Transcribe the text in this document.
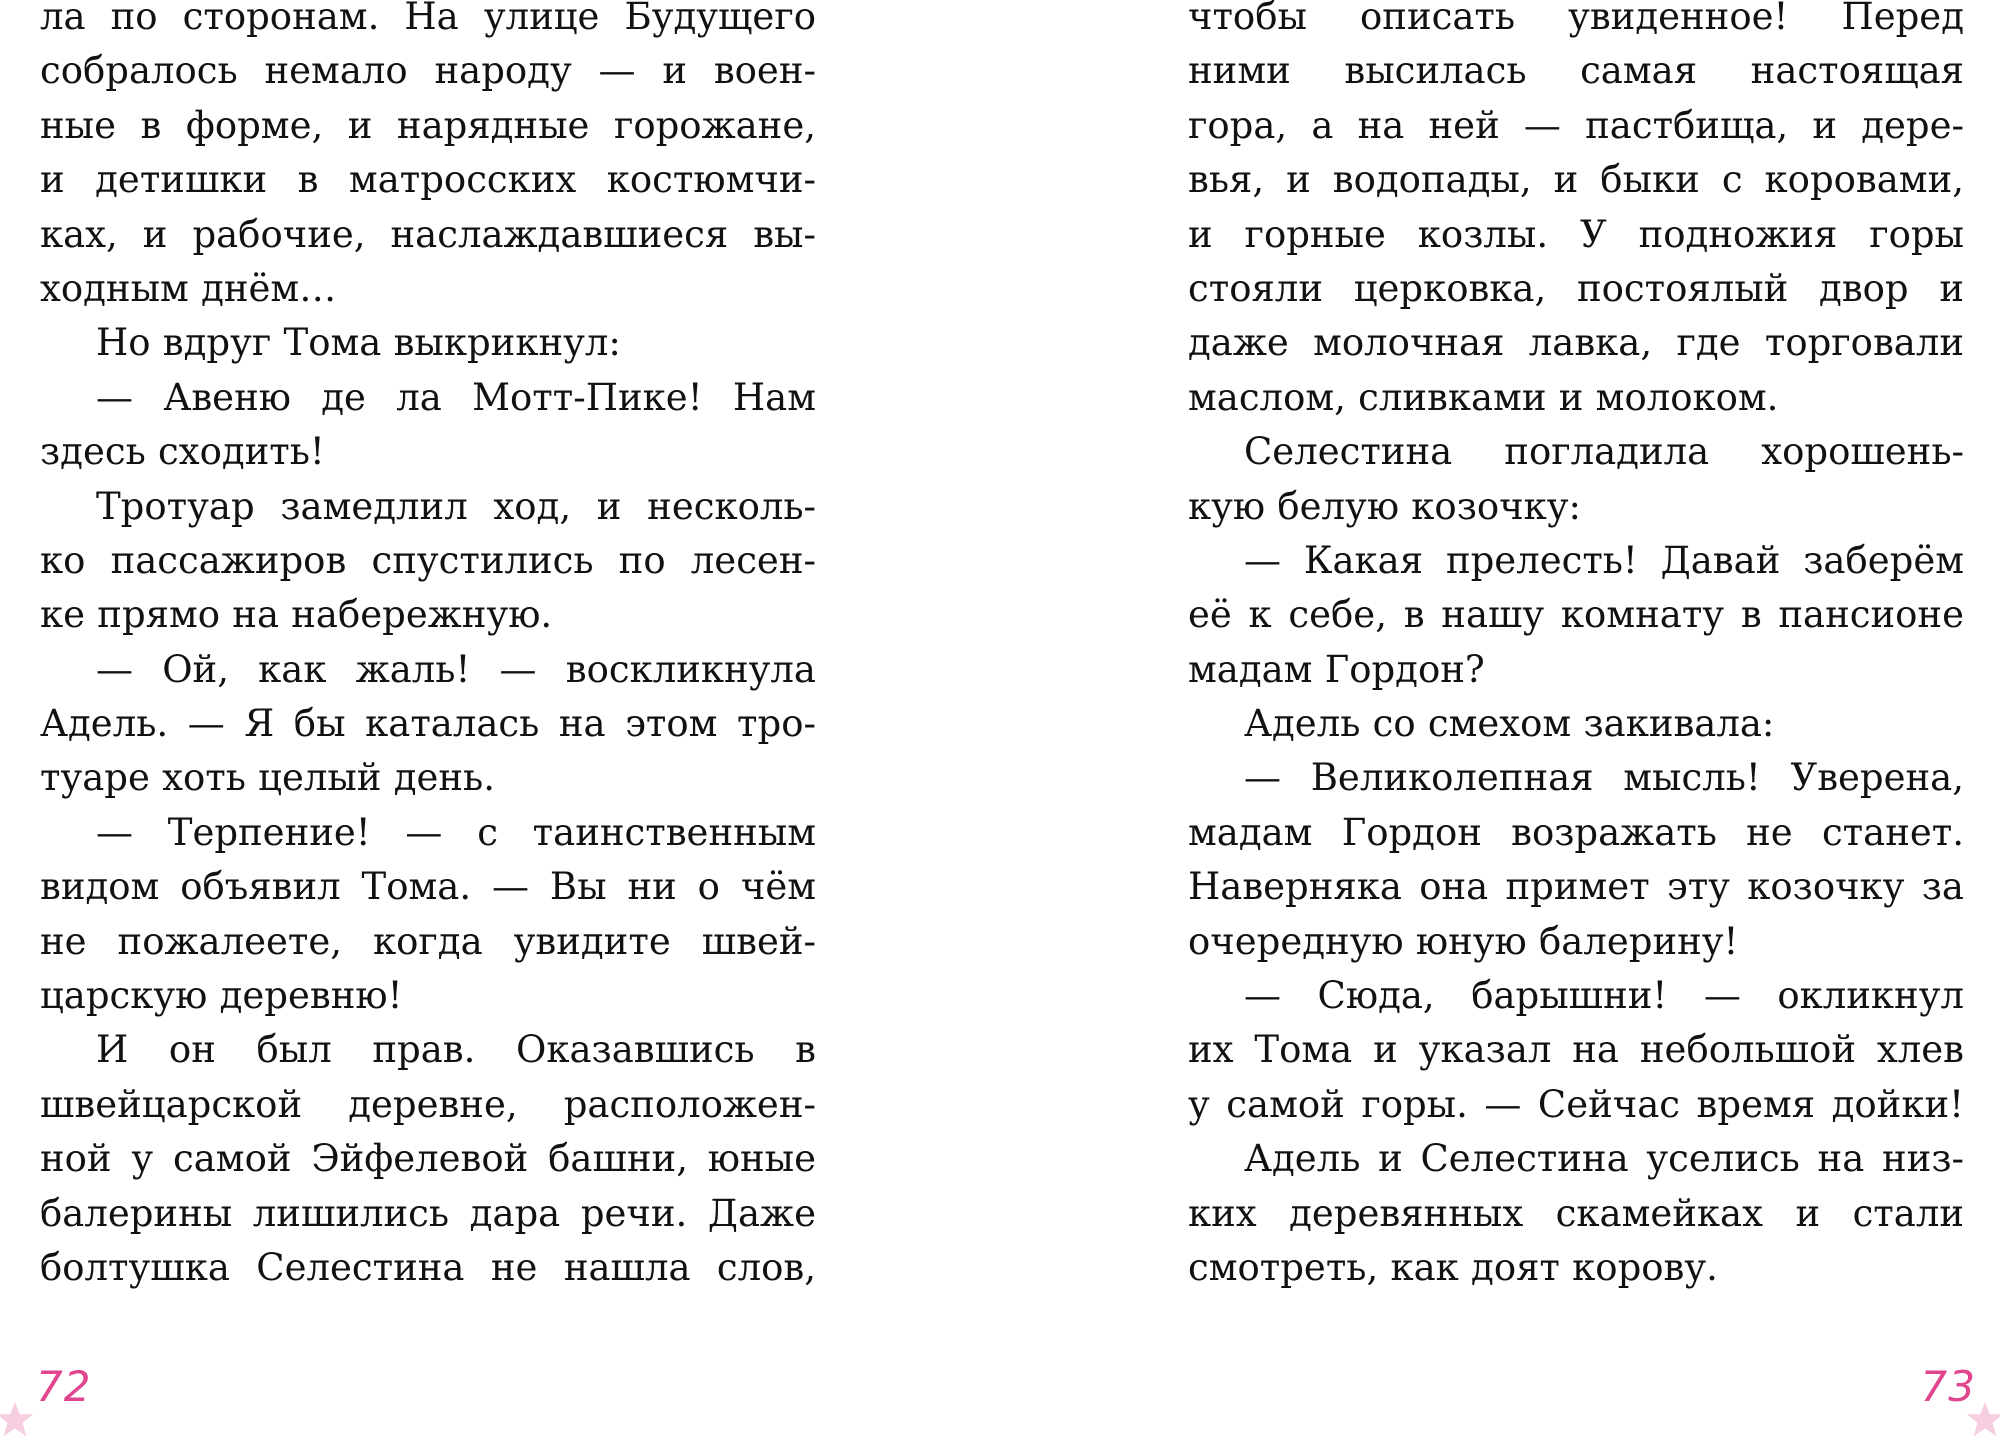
ла по сторонам. На улице Будущего
собралось немало народу — и воен-
ные в форме, и нарядные горожане,
и детишки в матросских костюмчи-
ках, и рабочие, наслаждавшиеся вы-
ходным днём…
Но вдруг Тома выкрикнул:
— Авеню де ла Мотт-Пике! Нам
здесь сходить!
Тротуар замедлил ход, и несколь-
ко пассажиров спустились по лесен-
ке прямо на набережную.
— Ой, как жаль! — воскликнула
Адель. — Я бы каталась на этом тро-
туаре хоть целый день.
— Терпение! — с таинственным
видом объявил Тома. — Вы ни о чём
не пожалеете, когда увидите швей-
царскую деревню!
И он был прав. Оказавшись в
швейцарской деревне, расположен-
ной у самой Эйфелевой башни, юные
балерины лишились дара речи. Даже
болтушка Селестина не нашла слов,
72
чтобы описать увиденное! Перед
ними высилась самая настоящая
гора, а на ней — пастбища, и дере-
вья, и водопады, и быки с коровами,
и горные козлы. У подножия горы
стояли церковка, постоялый двор и
даже молочная лавка, где торговали
маслом, сливками и молоком.
Селестина погладила хорошень-
кую белую козочку:
— Какая прелесть! Давай заберём
её к себе, в нашу комнату в пансионе
мадам Гордон?
Адель со смехом закивала:
— Великолепная мысль! Уверена,
мадам Гордон возражать не станет.
Наверняка она примет эту козочку за
очередную юную балерину!
— Сюда, барышни! — окликнул
их Тома и указал на небольшой хлев
у самой горы. — Сейчас время дойки!
Адель и Селестина уселись на низ-
ких деревянных скамейках и стали
смотреть, как доят корову.
73
